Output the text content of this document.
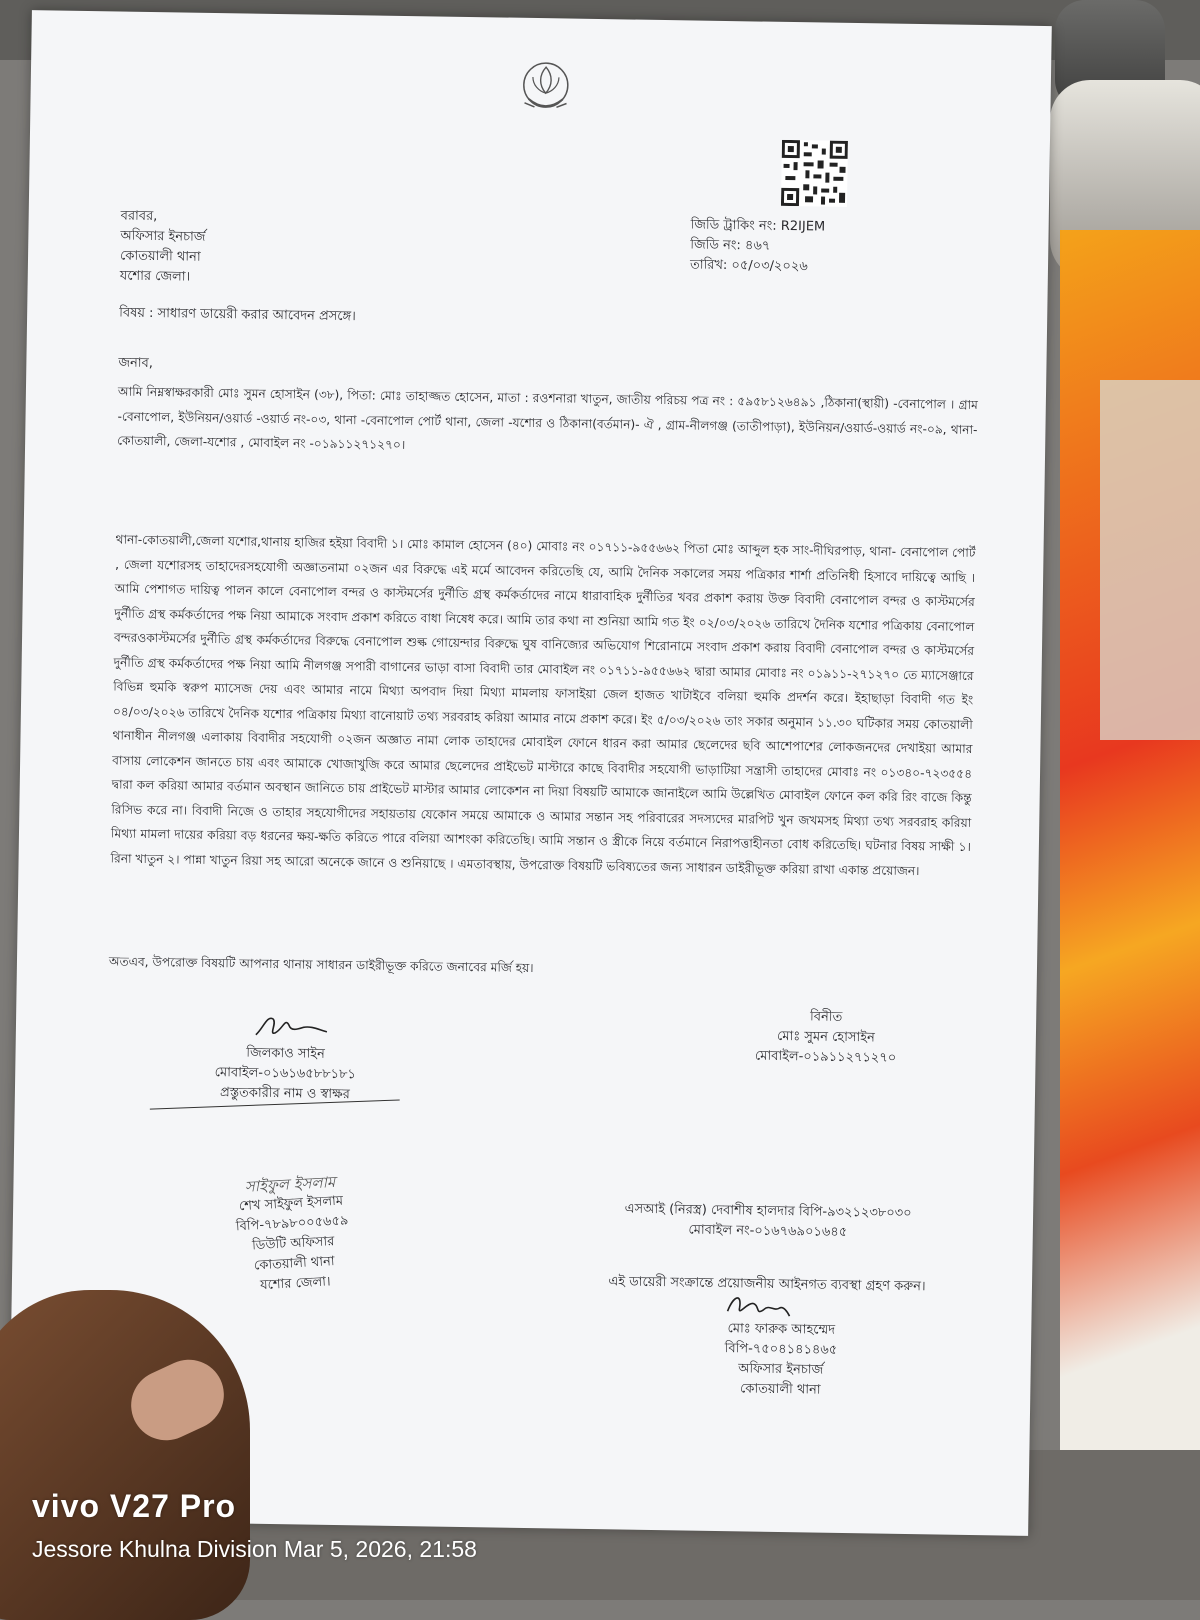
বরাবর,
অফিসার ইনচার্জ
কোতয়ালী থানা
যশোর জেলা।
জিডি ট্রাকিং নং: R2IJEM
জিডি নং: ৪৬৭
তারিখ: ০৫/০৩/২০২৬
বিষয় : সাধারণ ডায়েরী করার আবেদন প্রসঙ্গে।
জনাব,
আমি নিম্নস্বাক্ষরকারী মোঃ সুমন হোসাইন (৩৮), পিতা: মোঃ তাহাজ্জত হোসেন, মাতা : রওশনারা খাতুন, জাতীয় পরিচয় পত্র নং : ৫৯৫৮১২৬৪৯১ ,ঠিকানা(স্থায়ী) -বেনাপোল । গ্রাম -বেনাপোল, ইউনিয়ন/ওয়ার্ড -ওয়ার্ড নং-০৩, থানা -বেনাপোল পোর্ট থানা, জেলা -যশোর ও ঠিকানা(বর্তমান)- ঐ , গ্রাম-নীলগঞ্জ (তাতীপাড়া), ইউনিয়ন/ওয়ার্ড-ওয়ার্ড নং-০৯, থানা-কোতয়ালী, জেলা-যশোর , মোবাইল নং -০১৯১১২৭১২৭০।
থানা-কোতয়ালী,জেলা যশোর,থানায় হাজির হইয়া বিবাদী ১। মোঃ কামাল হোসেন (৪০) মোবাঃ নং ০১৭১১-৯৫৫৬৬২ পিতা মোঃ আব্দুল হক সাং-দীঘিরপাড়, থানা- বেনাপোল পোর্ট , জেলা যশোরসহ তাহাদেরসহযোগী অজ্ঞাতনামা ০২জন এর বিরুদ্ধে এই মর্মে আবেদন করিতেছি যে, আমি দৈনিক সকালের সময় পত্রিকার শার্শা প্রতিনিধী হিসাবে দায়িত্বে আছি । আমি পেশাগত দায়িত্ব পালন কালে বেনাপোল বন্দর ও কাস্টমর্সের দুর্নীতি গ্রস্থ কর্মকর্তাদের নামে ধারাবাহিক দুর্নীতির খবর প্রকাশ করায় উক্ত বিবাদী বেনাপোল বন্দর ও কাস্টমর্সের দুর্নীতি গ্রস্থ কর্মকর্তাদের পক্ষ নিয়া আমাকে সংবাদ প্রকাশ করিতে বাধা নিষেধ করে। আমি তার কথা না শুনিয়া আমি গত ইং ০২/০৩/২০২৬ তারিখে দৈনিক যশোর পত্রিকায় বেনাপোল বন্দরওকাস্টমর্সের দুর্নীতি গ্রস্থ কর্মকর্তাদের বিরুদ্ধে বেনাপোল শুল্ক গোয়েন্দার বিরুদ্ধে ঘুষ বানিজ্যের অভিযোগ শিরোনামে সংবাদ প্রকাশ করায় বিবাদী বেনাপোল বন্দর ও কাস্টমর্সের দুর্নীতি গ্রস্থ কর্মকর্তাদের পক্ষ নিয়া আমি নীলগঞ্জ সপারী বাগানের ভাড়া বাসা বিবাদী তার মোবাইল নং ০১৭১১-৯৫৫৬৬২ দ্বারা আমার মোবাঃ নং ০১৯১১-২৭১২৭০ তে ম্যাসেঞ্জারে বিভিন্ন হুমকি স্বরুপ ম্যাসেজ দেয় এবং আমার নামে মিথ্যা অপবাদ দিয়া মিথ্যা মামলায় ফাসাইয়া জেল হাজত খাটাইবে বলিয়া হুমকি প্রদর্শন করে। ইহাছাড়া বিবাদী গত ইং ০৪/০৩/২০২৬ তারিখে দৈনিক যশোর পত্রিকায় মিথ্যা বানোয়াট তথ্য সরবরাহ করিয়া আমার নামে প্রকাশ করে। ইং ৫/০৩/২০২৬ তাং সকার অনুমান ১১.৩০ ঘটিকার সময় কোতয়ালী থানাধীন নীলগঞ্জ এলাকায় বিবাদীর সহযোগী ০২জন অজ্ঞাত নামা লোক তাহাদের মোবাইল ফোনে ধারন করা আমার ছেলেদের ছবি আশেপাশের লোকজনদের দেখাইয়া আমার বাসায় লোকেশন জানতে চায় এবং আমাকে খোজাখুজি করে আমার ছেলেদের প্রাইভেট মাস্টারে কাছে বিবাদীর সহযোগী ভাড়াটিয়া সন্ত্রাসী তাহাদের মোবাঃ নং ০১৩৪০-৭২৩৫৫৪ দ্বারা কল করিয়া আমার বর্তমান অবস্থান জানিতে চায় প্রাইভেট মাস্টার আমার লোকেশন না দিয়া বিষয়টি আমাকে জানাইলে আমি উল্লেখিত মোবাইল ফোনে কল করি রিং বাজে কিন্তু রিসিভ করে না। বিবাদী নিজে ও তাহার সহযোগীদের সহায়তায় যেকোন সময়ে আমাকে ও আমার সন্তান সহ পরিবারের সদস্যদের মারপিট খুন জখমসহ মিথ্যা তথ্য সরবরাহ করিয়া মিথ্যা মামলা দায়ের করিয়া বড় ধরনের ক্ষয়-ক্ষতি করিতে পারে বলিয়া আশংকা করিতেছি। আমি সন্তান ও স্ত্রীকে নিয়ে বর্তমানে নিরাপত্তাহীনতা বোধ করিতেছি। ঘটনার বিষয় সাক্ষী ১। রিনা খাতুন ২। পান্না খাতুন রিয়া সহ আরো অনেকে জানে ও শুনিয়াছে । এমতাবস্থায়, উপরোক্ত বিষয়টি ভবিষ্যতের জন্য সাধারন ডাইরীভূক্ত করিয়া রাখা একান্ত প্রয়োজন।
অতএব, উপরোক্ত বিষয়টি আপনার থানায় সাধারন ডাইরীভূক্ত করিতে জনাবের মর্জি হয়।
বিনীত
মোঃ সুমন হোসাইন
মোবাইল-০১৯১১২৭১২৭০
জিলকাও সাইন
মোবাইল-০১৬১৬৫৮৮১৮১
প্রস্তুতকারীর নাম ও স্বাক্ষর
সাইফুল ইসলাম
শেখ সাইফুল ইসলাম
বিপি-৭৮৯৮০০৫৬৫৯
ডিউটি অফিসার
কোতয়ালী থানা
যশোর জেলা।
এসআই (নিরস্ত্র) দেবাশীষ হালদার বিপি-৯৩২১২৩৮০৩০
মোবাইল নং-০১৬৭৬৯০১৬৪৫
এই ডায়েরী সংক্রান্তে প্রয়োজনীয় আইনগত ব্যবস্থা গ্রহণ করুন।
মোঃ ফারুক আহম্মেদ
বিপি-৭৫০৪১৪১৪৬৫
অফিসার ইনচার্জ
কোতয়ালী থানা
vivo V27 Pro
Jessore Khulna Division Mar 5, 2026, 21:58
